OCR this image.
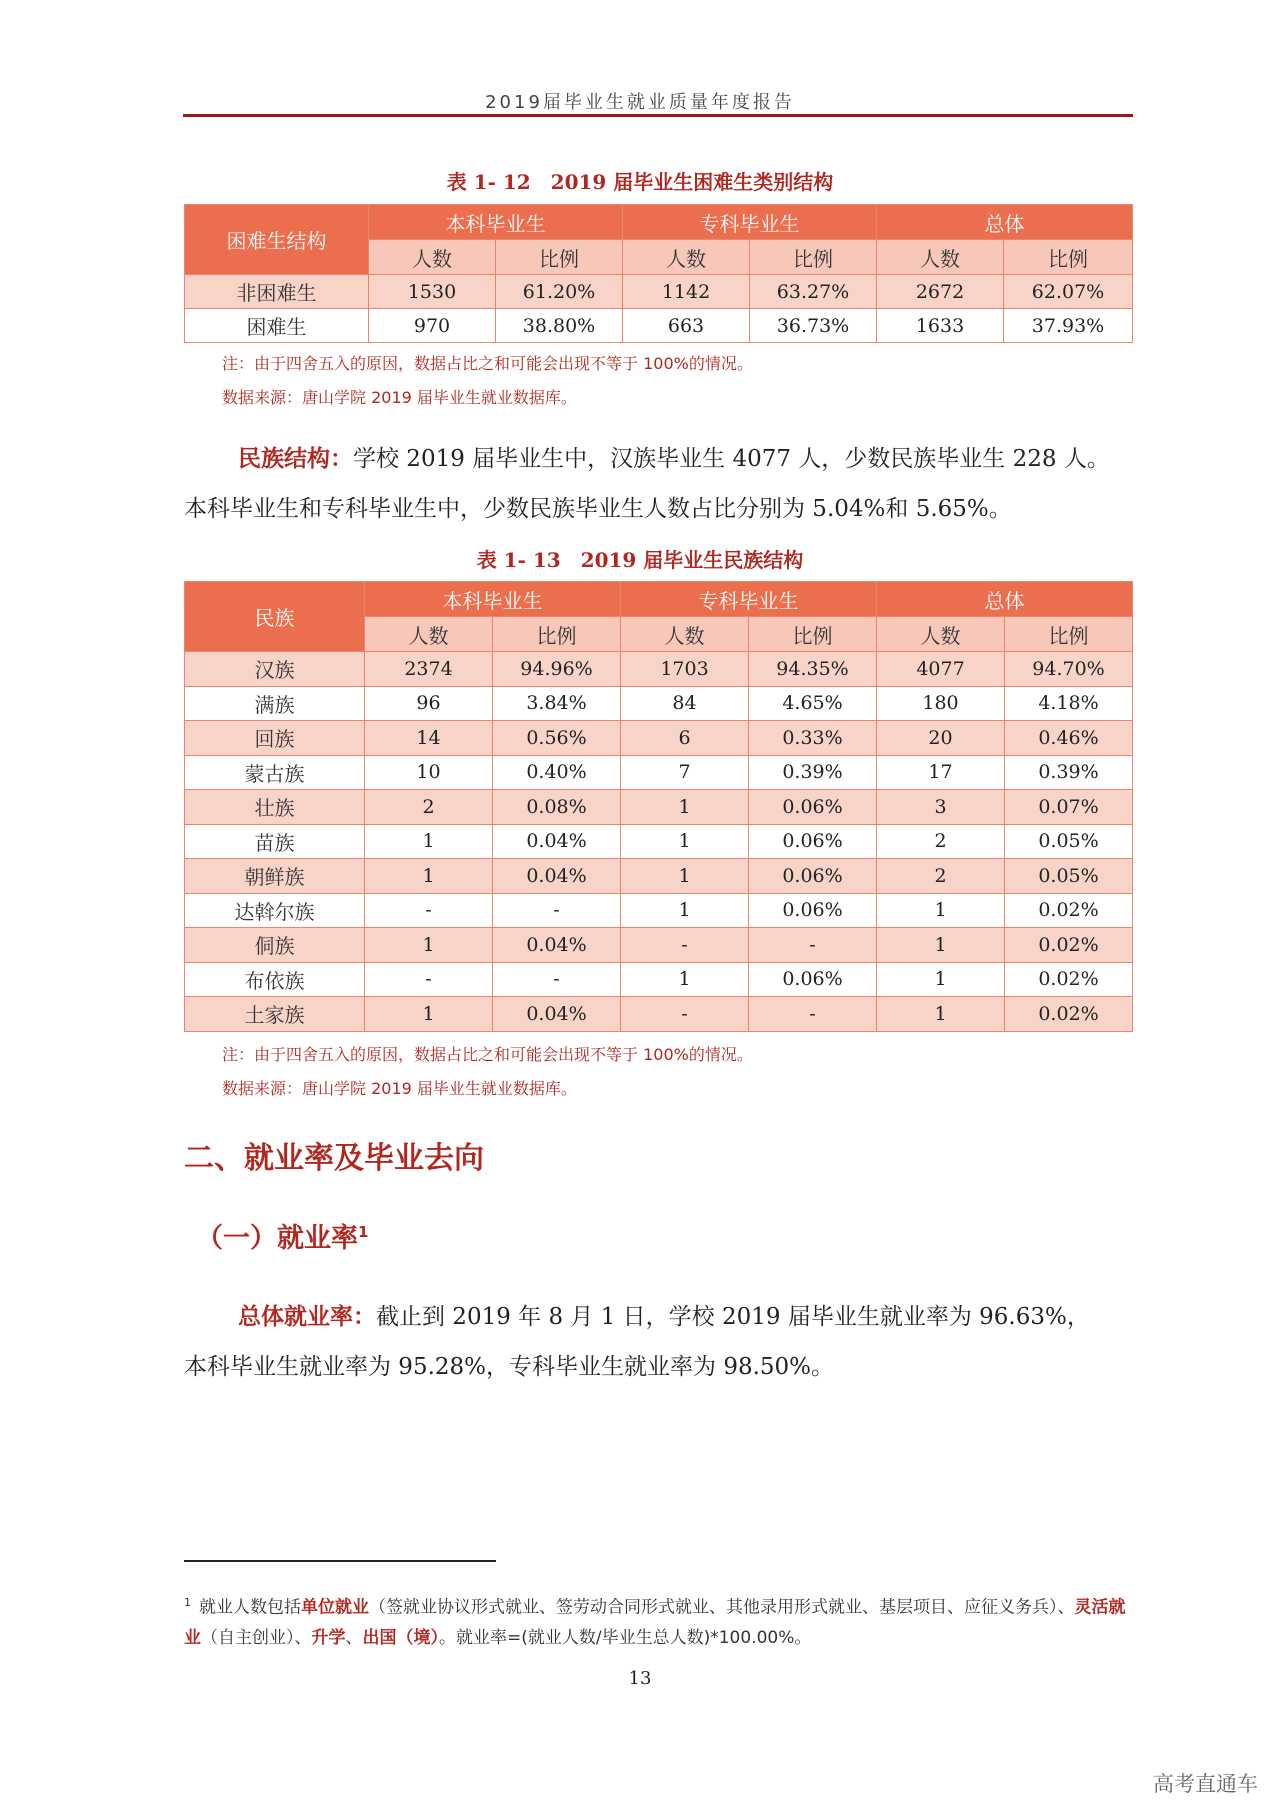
2019届毕业生就业质量年度报告
表 1- 12　2019 届毕业生困难生类别结构
困难生结构	本科毕业生		专科毕业生		总体	
	人数	比例	人数	比例	人数	比例
非困难生	1530	61.20%	1142	63.27%	2672	62.07%
困难生	970	38.80%	663	36.73%	1633	37.93%
注：由于四舍五入的原因，数据占比之和可能会出现不等于 100%的情况。
数据来源：唐山学院 2019 届毕业生就业数据库。
民族结构：学校 2019 届毕业生中，汉族毕业生 4077 人，少数民族毕业生 228 人。
本科毕业生和专科毕业生中，少数民族毕业生人数占比分别为 5.04%和 5.65%。
表 1- 13　2019 届毕业生民族结构
民族	本科毕业生		专科毕业生		总体	
	人数	比例	人数	比例	人数	比例
汉族	2374	94.96%	1703	94.35%	4077	94.70%
满族	96	3.84%	84	4.65%	180	4.18%
回族	14	0.56%	6	0.33%	20	0.46%
蒙古族	10	0.40%	7	0.39%	17	0.39%
壮族	2	0.08%	1	0.06%	3	0.07%
苗族	1	0.04%	1	0.06%	2	0.05%
朝鲜族	1	0.04%	1	0.06%	2	0.05%
达斡尔族	-	-	1	0.06%	1	0.02%
侗族	1	0.04%	-	-	1	0.02%
布依族	-	-	1	0.06%	1	0.02%
土家族	1	0.04%	-	-	1	0.02%
注：由于四舍五入的原因，数据占比之和可能会出现不等于 100%的情况。
数据来源：唐山学院 2019 届毕业生就业数据库。
二、就业率及毕业去向
（一）就业率$^1$
总体就业率：截止到 2019 年 8 月 1 日，学校 2019 届毕业生就业率为 96.63%，
本科毕业生就业率为 95.28%，专科毕业生就业率为 98.50%。
$^1$ 就业人数包括单位就业（签就业协议形式就业、签劳动合同形式就业、其他录用形式就业、基层项目、应征义务兵）、灵活就业（自主创业）、升学、出国（境）。就业率=(就业人数/毕业生总人数)*100.00%。
13
高考直通车
